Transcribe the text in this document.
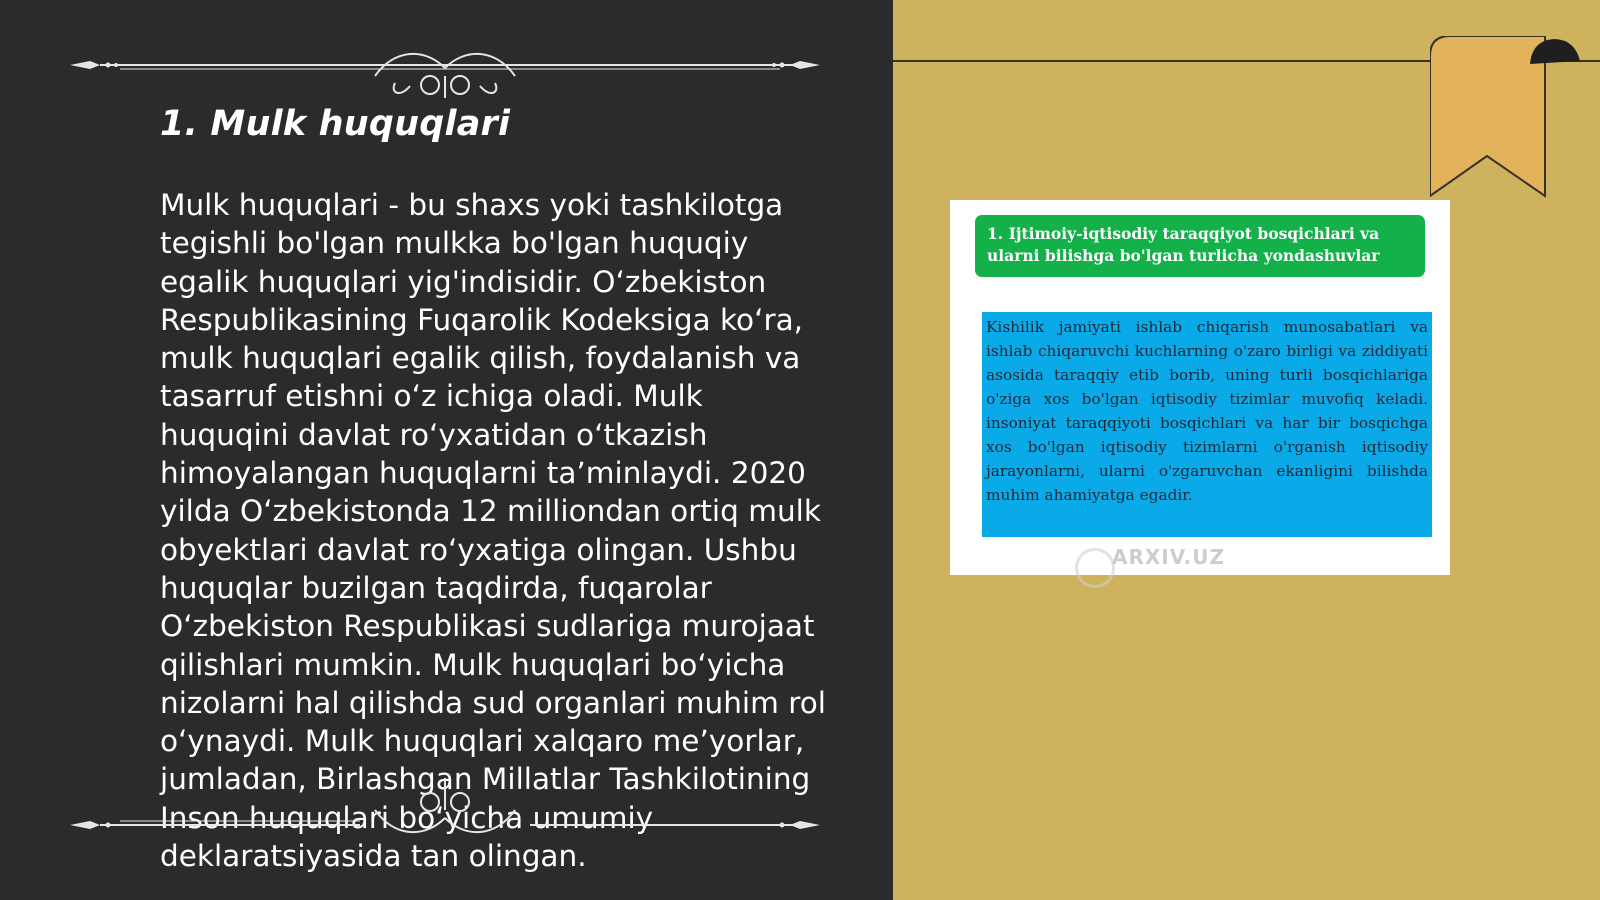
1. Mulk huquqlari

Mulk huquqlari - bu shaxs yoki tashkilotga tegishli bo'lgan mulkka bo'lgan huquqiy egalik huquqlari yig'indisidir. O‘zbekiston Respublikasining Fuqarolik Kodeksiga ko‘ra, mulk huquqlari egalik qilish, foydalanish va tasarruf etishni o‘z ichiga oladi. Mulk huquqini davlat ro‘yxatidan o‘tkazish himoyalangan huquqlarni ta’minlaydi. 2020 yilda O‘zbekistonda 12 milliondan ortiq mulk obyektlari davlat ro‘yxatiga olingan. Ushbu huquqlar buzilgan taqdirda, fuqarolar O‘zbekiston Respublikasi sudlariga murojaat qilishlari mumkin. Mulk huquqlari bo‘yicha nizolarni hal qilishda sud organlari muhim rol o‘ynaydi. Mulk huquqlari xalqaro me’yorlar, jumladan, Birlashgan Millatlar Tashkilotining Inson huquqlari bo‘yicha umumiy deklaratsiyasida tan olingan.

1. Ijtimoiy-iqtisodiy taraqqiyot bosqichlari va ularni bilishga bo'lgan turlicha yondashuvlar
Kishilik jamiyati ishlab chiqarish munosabatlari va ishlab chiqaruvchi kuchlarning o'zaro birligi va ziddiyati asosida taraqqiy etib borib, uning turli bosqichlariga o'ziga xos bo'lgan iqtisodiy tizimlar muvofiq keladi. insoniyat taraqqiyoti bosqichlari va har bir bosqichga xos bo'lgan iqtisodiy tizimlarni o'rganish iqtisodiy jarayonlarni, ularni o'zgaruvchan ekanligini bilishda muhim ahamiyatga egadir.
ARXIV.UZ
